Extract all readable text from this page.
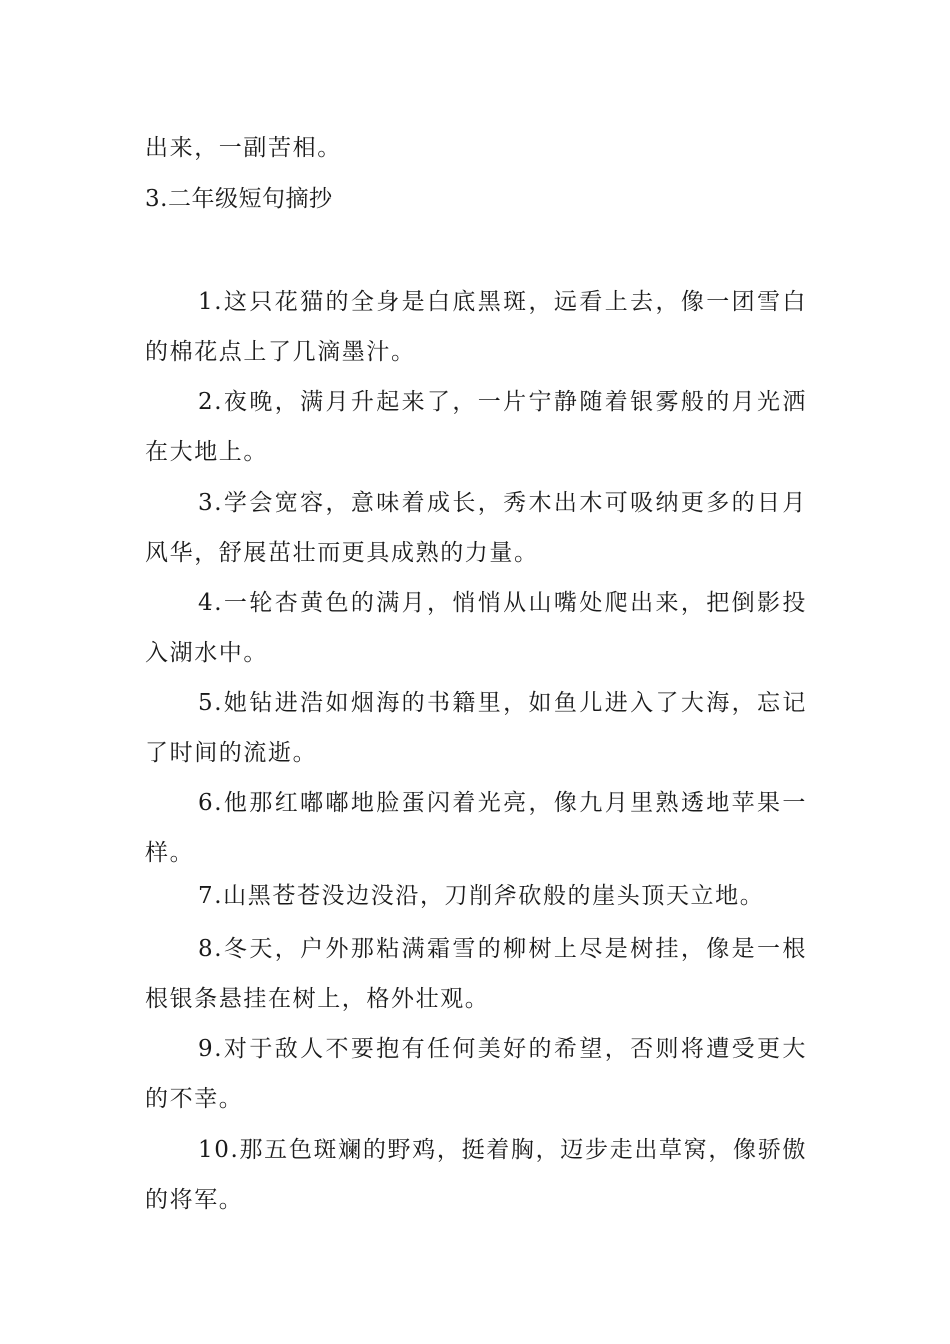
出来，一副苦相。
3.二年级短句摘抄

1.这只花猫的全身是白底黑斑，远看上去，像一团雪白的棉花点上了几滴墨汁。

2.夜晚，满月升起来了，一片宁静随着银雾般的月光洒在大地上。

3.学会宽容，意味着成长，秀木出木可吸纳更多的日月风华，舒展茁壮而更具成熟的力量。

4.一轮杏黄色的满月，悄悄从山嘴处爬出来，把倒影投入湖水中。

5.她钻进浩如烟海的书籍里，如鱼儿进入了大海，忘记了时间的流逝。

6.他那红嘟嘟地脸蛋闪着光亮，像九月里熟透地苹果一样。

7.山黑苍苍没边没沿，刀削斧砍般的崖头顶天立地。

8.冬天，户外那粘满霜雪的柳树上尽是树挂，像是一根根银条悬挂在树上，格外壮观。

9.对于敌人不要抱有任何美好的希望，否则将遭受更大的不幸。

10.那五色斑斓的野鸡，挺着胸，迈步走出草窝，像骄傲的将军。
